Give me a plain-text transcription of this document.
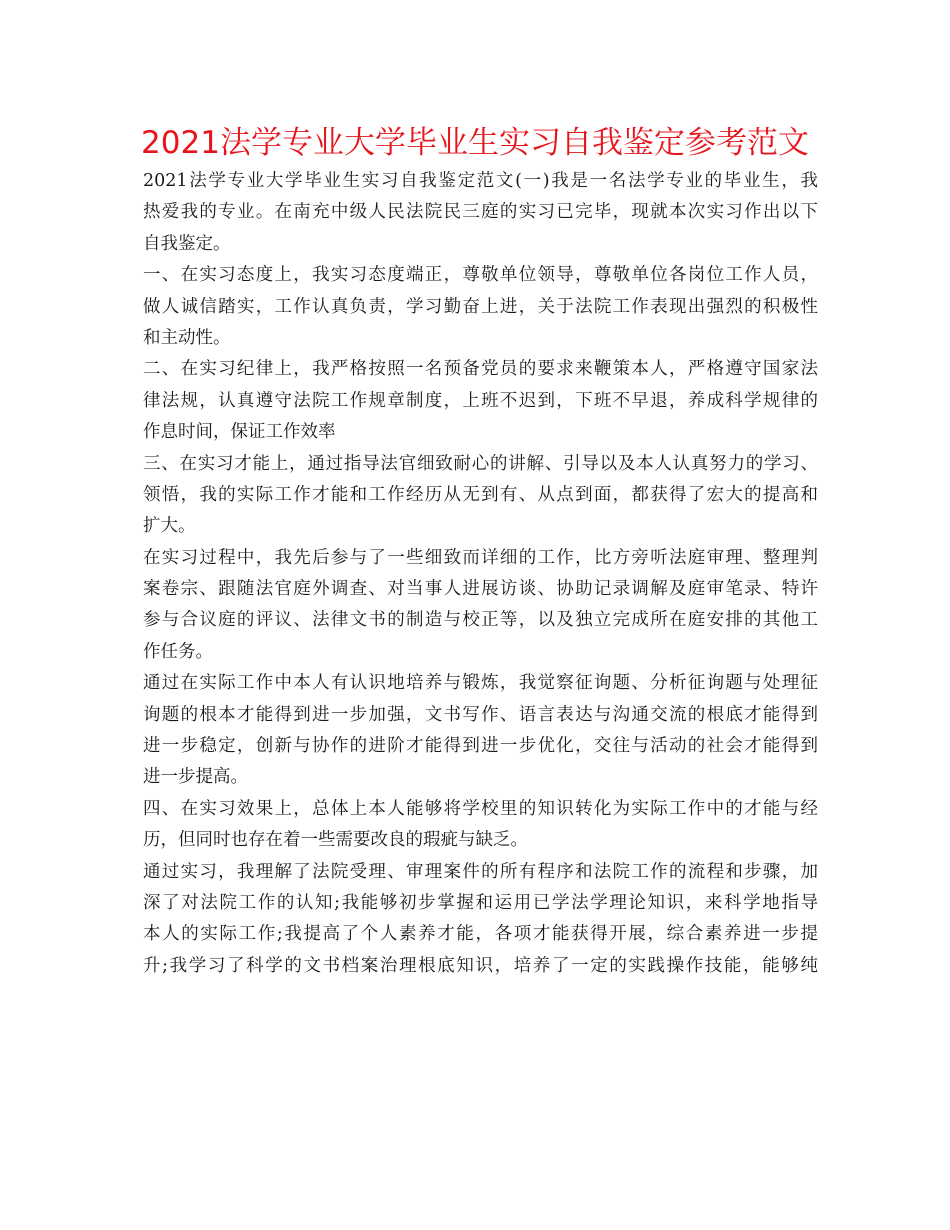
2021法学专业大学毕业生实习自我鉴定参考范文
2021法学专业大学毕业生实习自我鉴定范文(一)我是一名法学专业的毕业生，我
热爱我的专业。在南充中级人民法院民三庭的实习已完毕，现就本次实习作出以下
自我鉴定。
一、在实习态度上，我实习态度端正，尊敬单位领导，尊敬单位各岗位工作人员，
做人诚信踏实，工作认真负责，学习勤奋上进，关于法院工作表现出强烈的积极性
和主动性。
二、在实习纪律上，我严格按照一名预备党员的要求来鞭策本人，严格遵守国家法
律法规，认真遵守法院工作规章制度，上班不迟到，下班不早退，养成科学规律的
作息时间，保证工作效率
三、在实习才能上，通过指导法官细致耐心的讲解、引导以及本人认真努力的学习、
领悟，我的实际工作才能和工作经历从无到有、从点到面，都获得了宏大的提高和
扩大。
在实习过程中，我先后参与了一些细致而详细的工作，比方旁听法庭审理、整理判
案卷宗、跟随法官庭外调查、对当事人进展访谈、协助记录调解及庭审笔录、特许
参与合议庭的评议、法律文书的制造与校正等，以及独立完成所在庭安排的其他工
作任务。
通过在实际工作中本人有认识地培养与锻炼，我觉察征询题、分析征询题与处理征
询题的根本才能得到进一步加强，文书写作、语言表达与沟通交流的根底才能得到
进一步稳定，创新与协作的进阶才能得到进一步优化，交往与活动的社会才能得到
进一步提高。
四、在实习效果上，总体上本人能够将学校里的知识转化为实际工作中的才能与经
历，但同时也存在着一些需要改良的瑕疵与缺乏。
通过实习，我理解了法院受理、审理案件的所有程序和法院工作的流程和步骤，加
深了对法院工作的认知;我能够初步掌握和运用已学法学理论知识，来科学地指导
本人的实际工作;我提高了个人素养才能，各项才能获得开展，综合素养进一步提
升;我学习了科学的文书档案治理根底知识，培养了一定的实践操作技能，能够纯
